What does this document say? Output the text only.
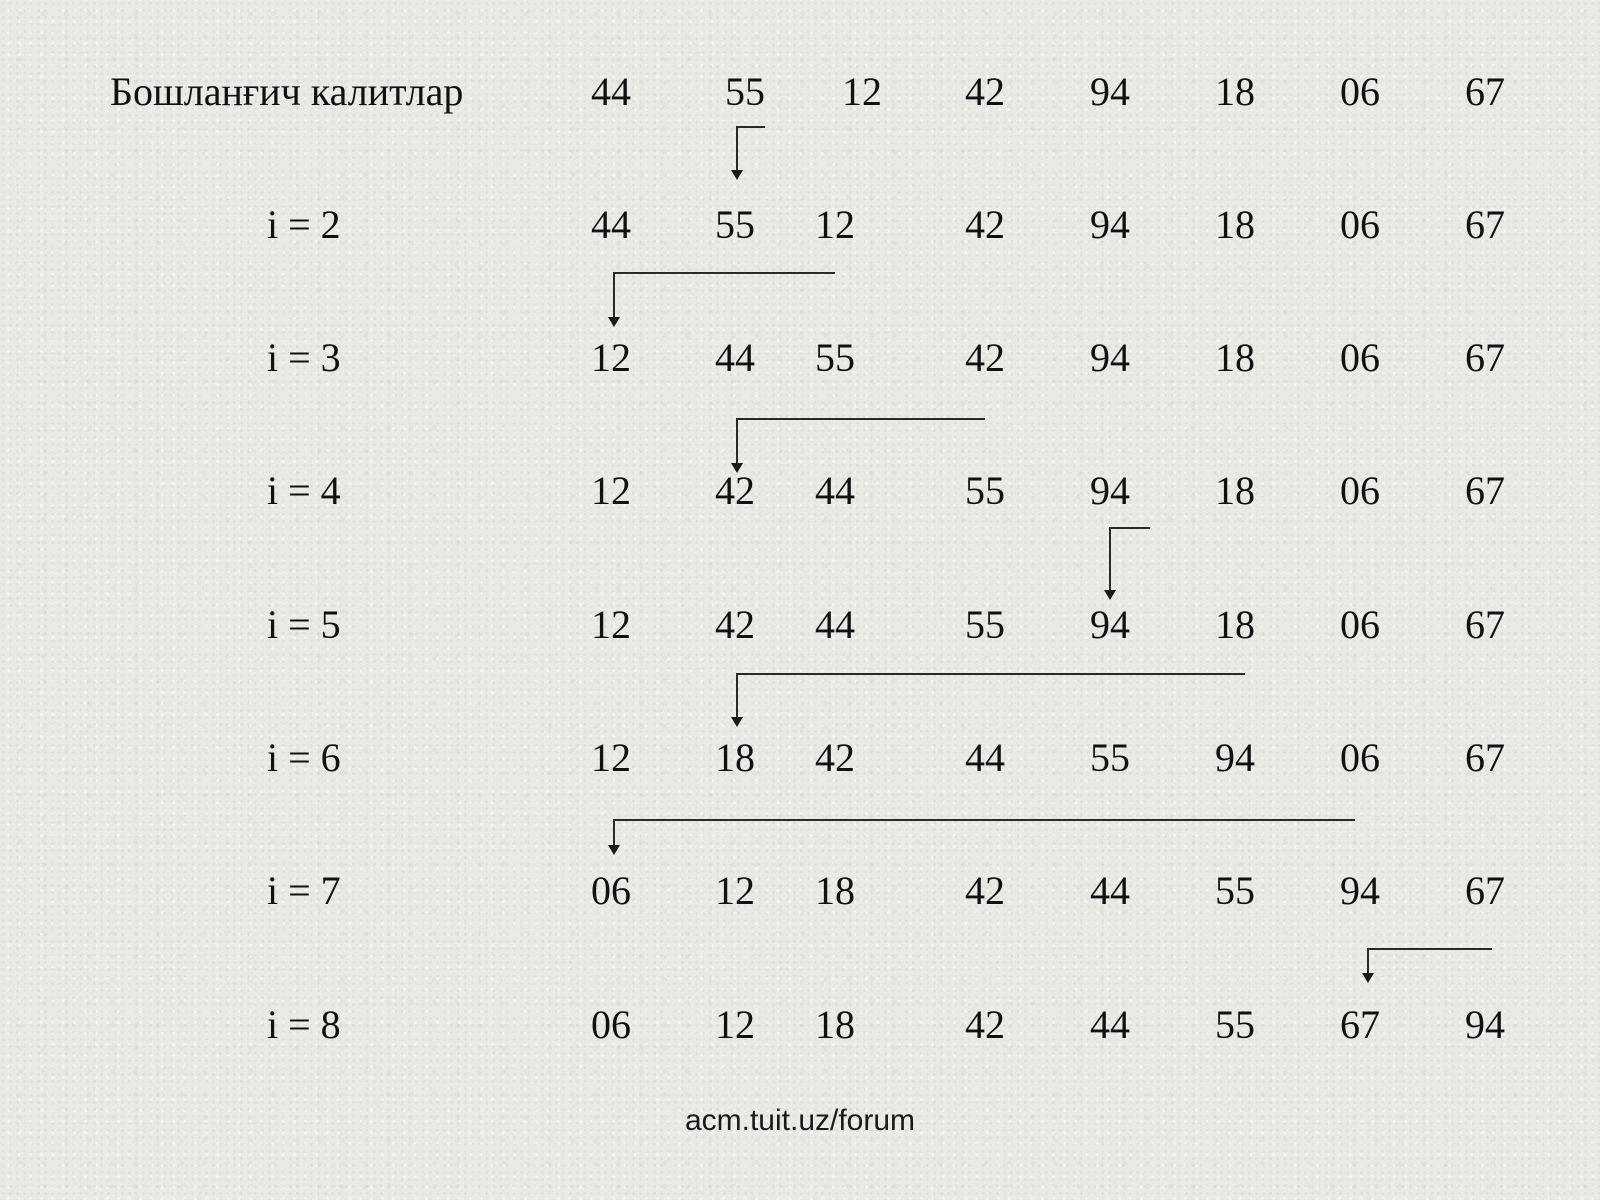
Бошланғич калитлар	44 55 12 42 94 18 06 67
i = 2	44 55 12	42 94 18 06 67
i = 3	12 44 55	42 94 18 06 67
i = 4	12 42 44	55 94 18 06 67
i = 5	12 42 44	55 94 18 06 67
i = 6	12 18 42	44 55 94 06 67
i = 7	06 12 18	42 44 55 94 67
i = 8	06 12 18	42 44 55 67 94
acm.tuit.uz/forum
